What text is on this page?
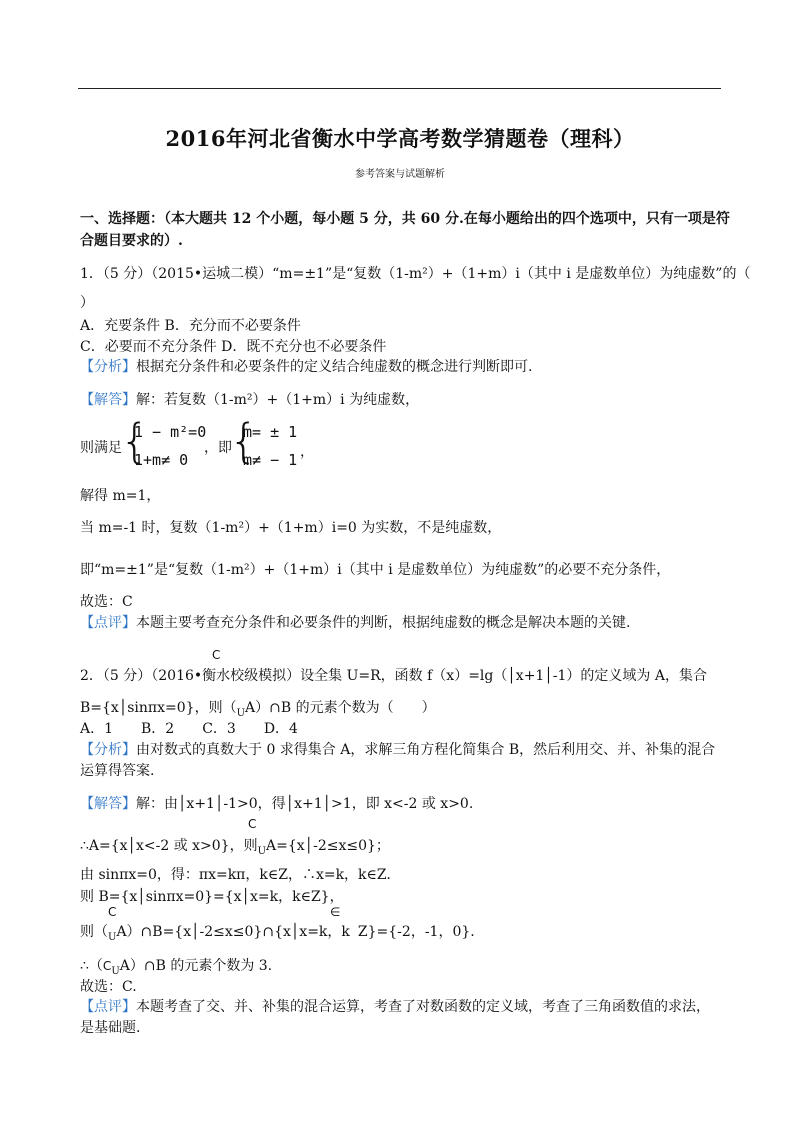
2016年河北省衡水中学高考数学猜题卷（理科）
参考答案与试题解析
一、选择题：（本大题共 12 个小题，每小题 5 分，共 60 分.在每小题给出的四个选项中，只有一项是符
合题目要求的）.
1．（5 分）（2015•运城二模）“m=±1”是“复数（1-m²）+（1+m）i（其中 i 是虚数单位）为纯虚数”的（
）
A．充要条件 B．充分而不必要条件
C．必要而不充分条件 D．既不充分也不必要条件
【分析】根据充分条件和必要条件的定义结合纯虚数的概念进行判断即可.
【解答】解：若复数（1-m²）+（1+m）i 为纯虚数，
则满足
{
1 − m²=0
1+m≠ 0
，即
{
m= ± 1
m≠ − 1 ，
解得 m=1，
当 m=-1 时，复数（1-m²）+（1+m）i=0 为实数，不是纯虚数，
即“m=±1”是“复数（1-m²）+（1+m）i（其中 i 是虚数单位）为纯虚数”的必要不充分条件，
故选：C
【点评】本题主要考查充分条件和必要条件的判断，根据纯虚数的概念是解决本题的关键.
C
2．（5 分）（2016•衡水校级模拟）设全集 U=R，函数 f（x）=lg（│x+1│-1）的定义域为 A，集合
B={x│sinπx=0}，则$(_UA)\cap B$ 的元素个数为（　　）
A．1　　B．2　　C．3　　D．4
【分析】由对数式的真数大于 0 求得集合 A，求解三角方程化简集合 B，然后利用交、并、补集的混合
运算得答案.
【解答】解：由│x+1│-1>0，得│x+1│>1，即 x<-2 或 x>0.
C
∴A={x│x<-2 或 x>0}，则$_U$A={x│-2≤x≤0}；
由 sinπx=0，得：πx=kπ，k∈Z，∴x=k，k∈Z.
则 B={x│sinπx=0}={x│x=k，k∈Z}，
C	∈
则$(_UA)\cap B=\{x│-2\le x\le 0\}\cap\{x│x=k$，k Z}={-2，-1，0}.
$\therefore(C_UA)\cap B$ 的元素个数为 3.
故选：C.
【点评】本题考查了交、并、补集的混合运算，考查了对数函数的定义域，考查了三角函数值的求法，
是基础题.
